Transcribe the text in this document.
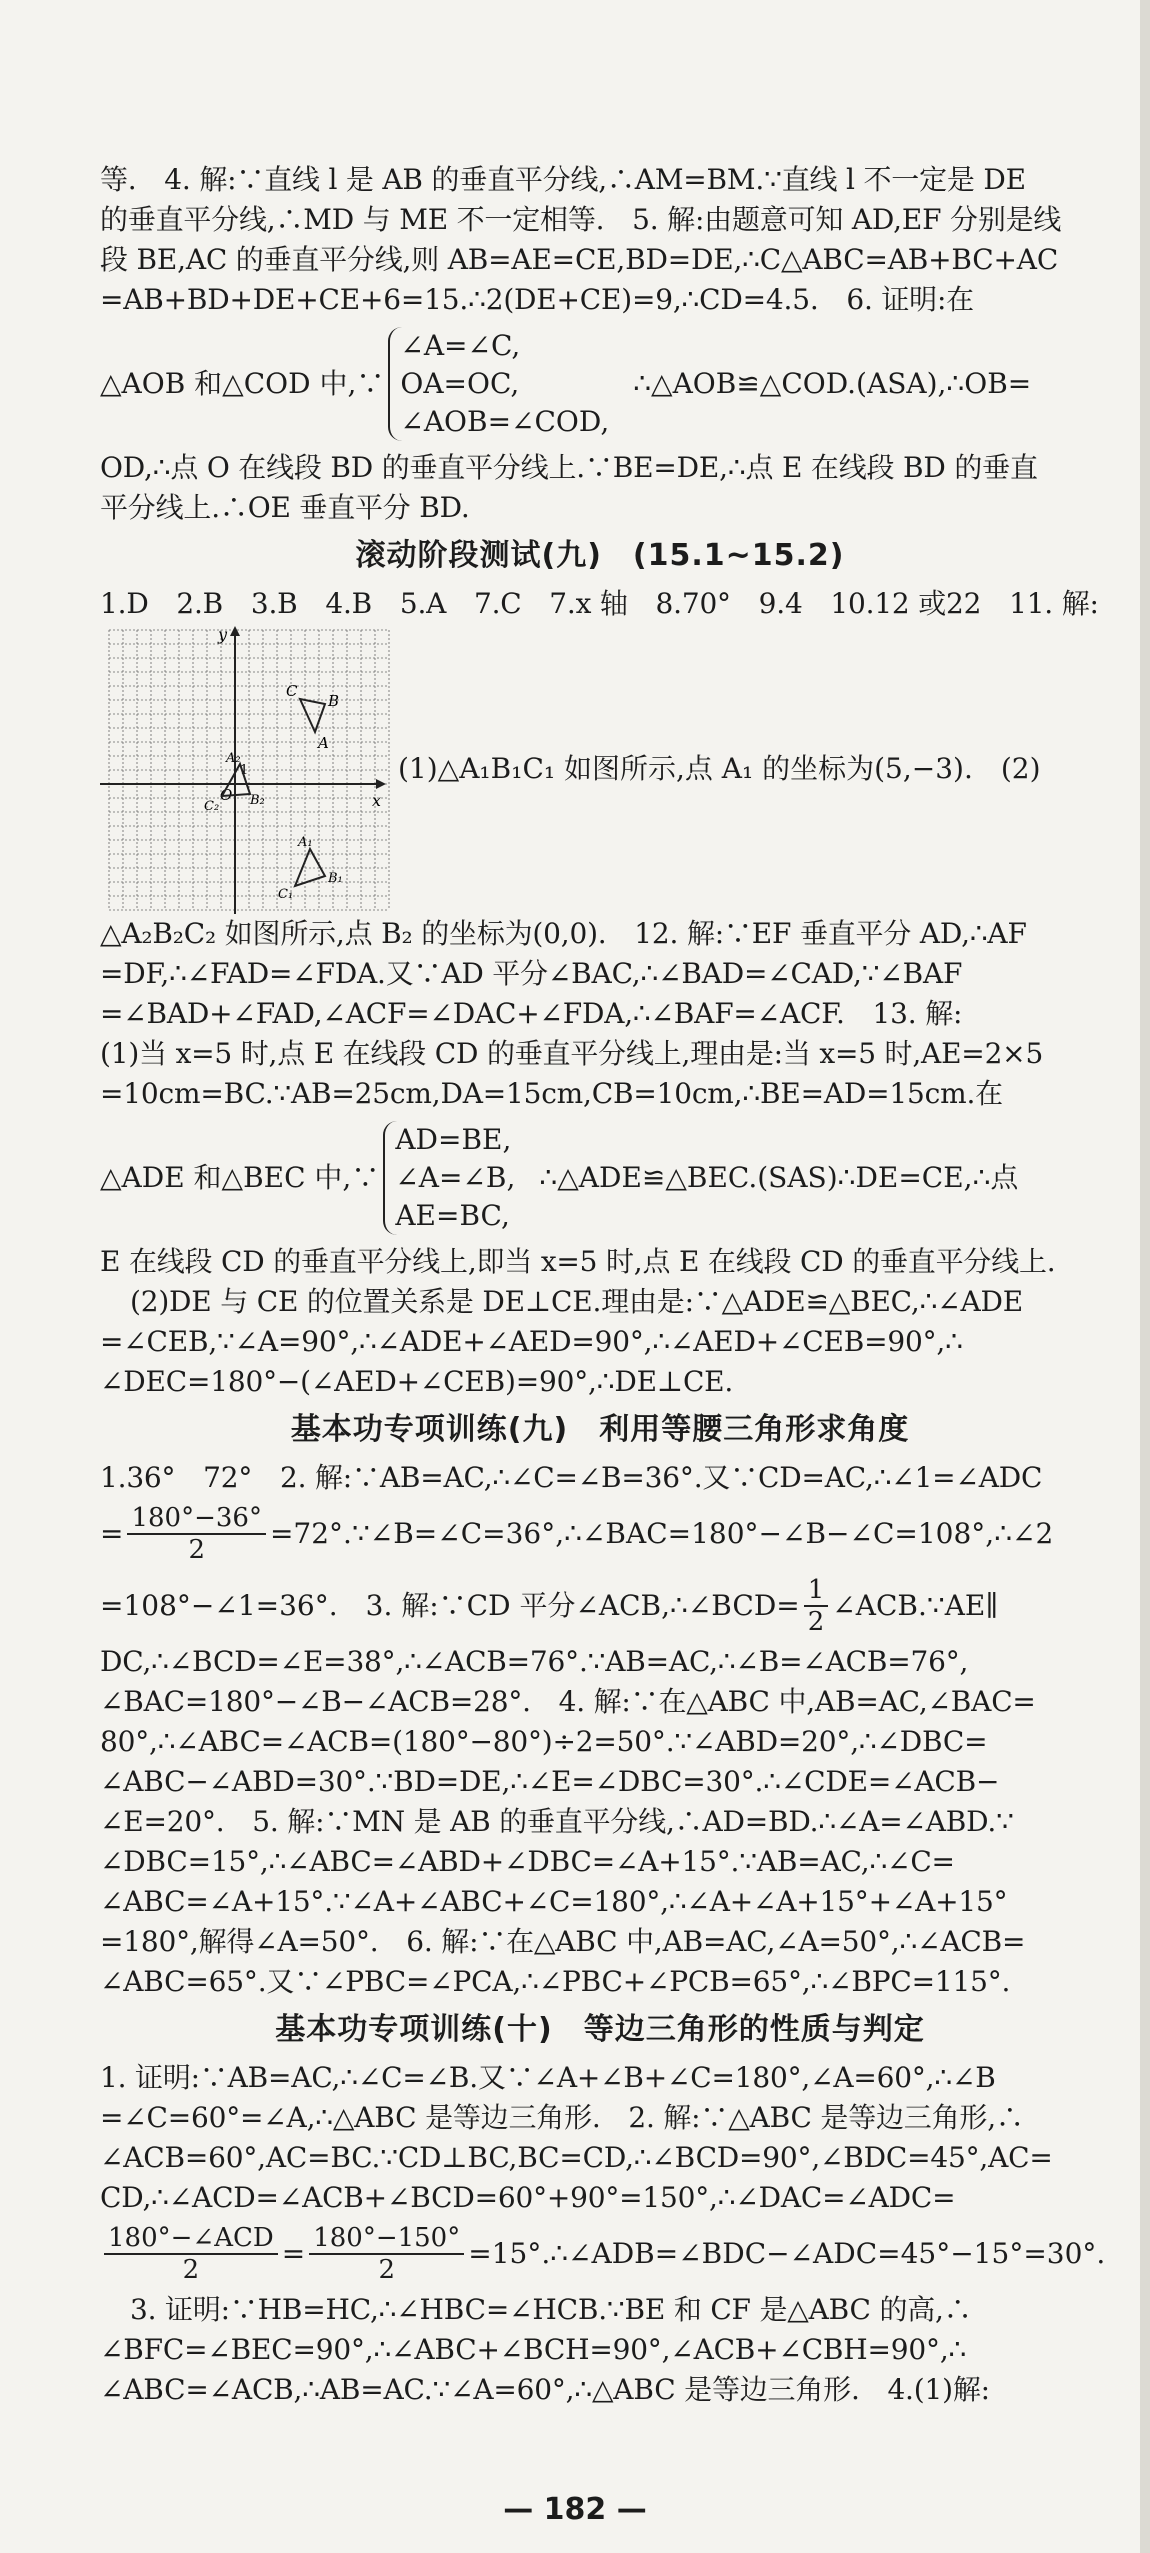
等.　4. 解:∵直线 l 是 AB 的垂直平分线,∴AM=BM.∵直线 l 不一定是 DE
的垂直平分线,∴MD 与 ME 不一定相等.　5. 解:由题意可知 AD,EF 分别是线
段 BE,AC 的垂直平分线,则 AB=AE=CE,BD=DE,∴C△ABC=AB+BC+AC
=AB+BD+DE+CE+6=15.∴2(DE+CE)=9,∴CD=4.5.　6. 证明:在
△AOB 和△COD 中,∵
∠A=∠C,
OA=OC,
∠AOB=∠COD,
∴△AOB≌△COD.(ASA),∴OB=
OD,∴点 O 在线段 BD 的垂直平分线上.∵BE=DE,∴点 E 在线段 BD 的垂直
平分线上.∴OE 垂直平分 BD.
滚动阶段测试(九)　(15.1~15.2)
1.D　2.B　3.B　4.B　5.A　7.C　7.x 轴　8.70°　9.4　10.12 或22　11. 解:
x
y
O
1
A
B
C
A₂
B₂
C₂
A₁
B₁
C₁
(1)△A₁B₁C₁ 如图所示,点 A₁ 的坐标为(5,−3).　(2)
△A₂B₂C₂ 如图所示,点 B₂ 的坐标为(0,0).　12. 解:∵EF 垂直平分 AD,∴AF
=DF,∴∠FAD=∠FDA.又∵AD 平分∠BAC,∴∠BAD=∠CAD,∵∠BAF
=∠BAD+∠FAD,∠ACF=∠DAC+∠FDA,∴∠BAF=∠ACF.　13. 解:
(1)当 x=5 时,点 E 在线段 CD 的垂直平分线上,理由是:当 x=5 时,AE=2×5
=10cm=BC.∵AB=25cm,DA=15cm,CB=10cm,∴BE=AD=15cm.在
△ADE 和△BEC 中,∵
AD=BE,
∠A=∠B,
AE=BC,
∴△ADE≌△BEC.(SAS)∴DE=CE,∴点
E 在线段 CD 的垂直平分线上,即当 x=5 时,点 E 在线段 CD 的垂直平分线上.
(2)DE 与 CE 的位置关系是 DE⊥CE.理由是:∵△ADE≌△BEC,∴∠ADE
=∠CEB,∵∠A=90°,∴∠ADE+∠AED=90°,∴∠AED+∠CEB=90°,∴
∠DEC=180°−(∠AED+∠CEB)=90°,∴DE⊥CE.
基本功专项训练(九)　利用等腰三角形求角度
1.36°　72°　2. 解:∵AB=AC,∴∠C=∠B=36°.又∵CD=AC,∴∠1=∠ADC
= $\frac{180^\circ-36^\circ}{2}$ =72°.∵∠B=∠C=36°,∴∠BAC=180°−∠B−∠C=108°,∴∠2
=108°−∠1=36°.　3. 解:∵CD 平分∠ACB,∴∠BCD= $\frac{1}{2}$ ∠ACB.∵AE∥
DC,∴∠BCD=∠E=38°,∴∠ACB=76°.∵AB=AC,∴∠B=∠ACB=76°,
∠BAC=180°−∠B−∠ACB=28°.　4. 解:∵在△ABC 中,AB=AC,∠BAC=
80°,∴∠ABC=∠ACB=(180°−80°)÷2=50°.∵∠ABD=20°,∴∠DBC=
∠ABC−∠ABD=30°.∵BD=DE,∴∠E=∠DBC=30°.∴∠CDE=∠ACB−
∠E=20°.　5. 解:∵MN 是 AB 的垂直平分线,∴AD=BD.∴∠A=∠ABD.∵
∠DBC=15°,∴∠ABC=∠ABD+∠DBC=∠A+15°.∵AB=AC,∴∠C=
∠ABC=∠A+15°.∵∠A+∠ABC+∠C=180°,∴∠A+∠A+15°+∠A+15°
=180°,解得∠A=50°.　6. 解:∵在△ABC 中,AB=AC,∠A=50°,∴∠ACB=
∠ABC=65°.又∵∠PBC=∠PCA,∴∠PBC+∠PCB=65°,∴∠BPC=115°.
基本功专项训练(十)　等边三角形的性质与判定
1. 证明:∵AB=AC,∴∠C=∠B.又∵∠A+∠B+∠C=180°,∠A=60°,∴∠B
=∠C=60°=∠A,∴△ABC 是等边三角形.　2. 解:∵△ABC 是等边三角形,∴
∠ACB=60°,AC=BC.∵CD⊥BC,BC=CD,∴∠BCD=90°,∠BDC=45°,AC=
CD,∴∠ACD=∠ACB+∠BCD=60°+90°=150°,∴∠DAC=∠ADC=
$\frac{\text{180°−∠ACD}}{2} = \frac{180^\circ-150^\circ}{2}$ =15°.∴∠ADB=∠BDC−∠ADC=45°−15°=30°.
3. 证明:∵HB=HC,∴∠HBC=∠HCB.∵BE 和 CF 是△ABC 的高,∴
∠BFC=∠BEC=90°,∴∠ABC+∠BCH=90°,∠ACB+∠CBH=90°,∴
∠ABC=∠ACB,∴AB=AC.∵∠A=60°,∴△ABC 是等边三角形.　4.(1)解:
— 182 —
